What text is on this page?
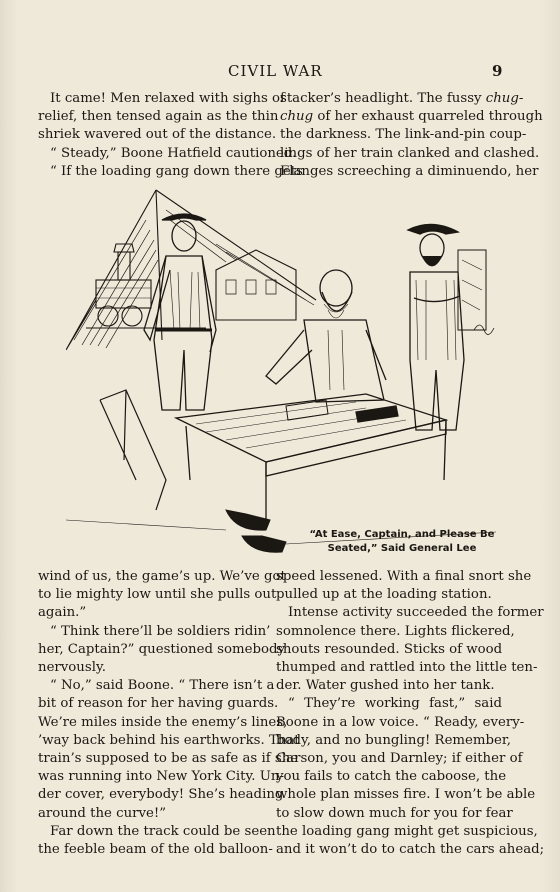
CIVIL WAR	9
It came! Men relaxed with sighs of
relief, then tensed again as the thin
shriek wavered out of the distance.
“ Steady,” Boone Hatfield cautioned.
“ If the loading gang down there gets
stacker’s headlight. The fussy chug-
chug of her exhaust quarreled through
the darkness. The link-and-pin coup-
lings of her train clanked and clashed.
Flanges screeching a diminuendo, her
“At Ease, Captain, and Please Be
Seated,” Said General Lee
wind of us, the game’s up. We’ve got
to lie mighty low until she pulls out
again.”
“ Think there’ll be soldiers ridin’
her, Captain?” questioned somebody
nervously.
“ No,” said Boone. “ There isn’t a
bit of reason for her having guards.
We’re miles inside the enemy’s lines,
’way back behind his earthworks. That
train’s supposed to be as safe as if she
was running into New York City. Un-
der cover, everybody! She’s heading
around the curve!”
Far down the track could be seen
the feeble beam of the old balloon-
speed lessened. With a final snort she
pulled up at the loading station.
Intense activity succeeded the former
somnolence there. Lights flickered,
shouts resounded. Sticks of wood
thumped and rattled into the little ten-
der. Water gushed into her tank.
“ They’re working fast,” said
Boone in a low voice. “ Ready, every-
body, and no bungling! Remember,
Carson, you and Darnley; if either of
you fails to catch the caboose, the
whole plan misses fire. I won’t be able
to slow down much for you for fear
the loading gang might get suspicious,
and it won’t do to catch the cars ahead;
